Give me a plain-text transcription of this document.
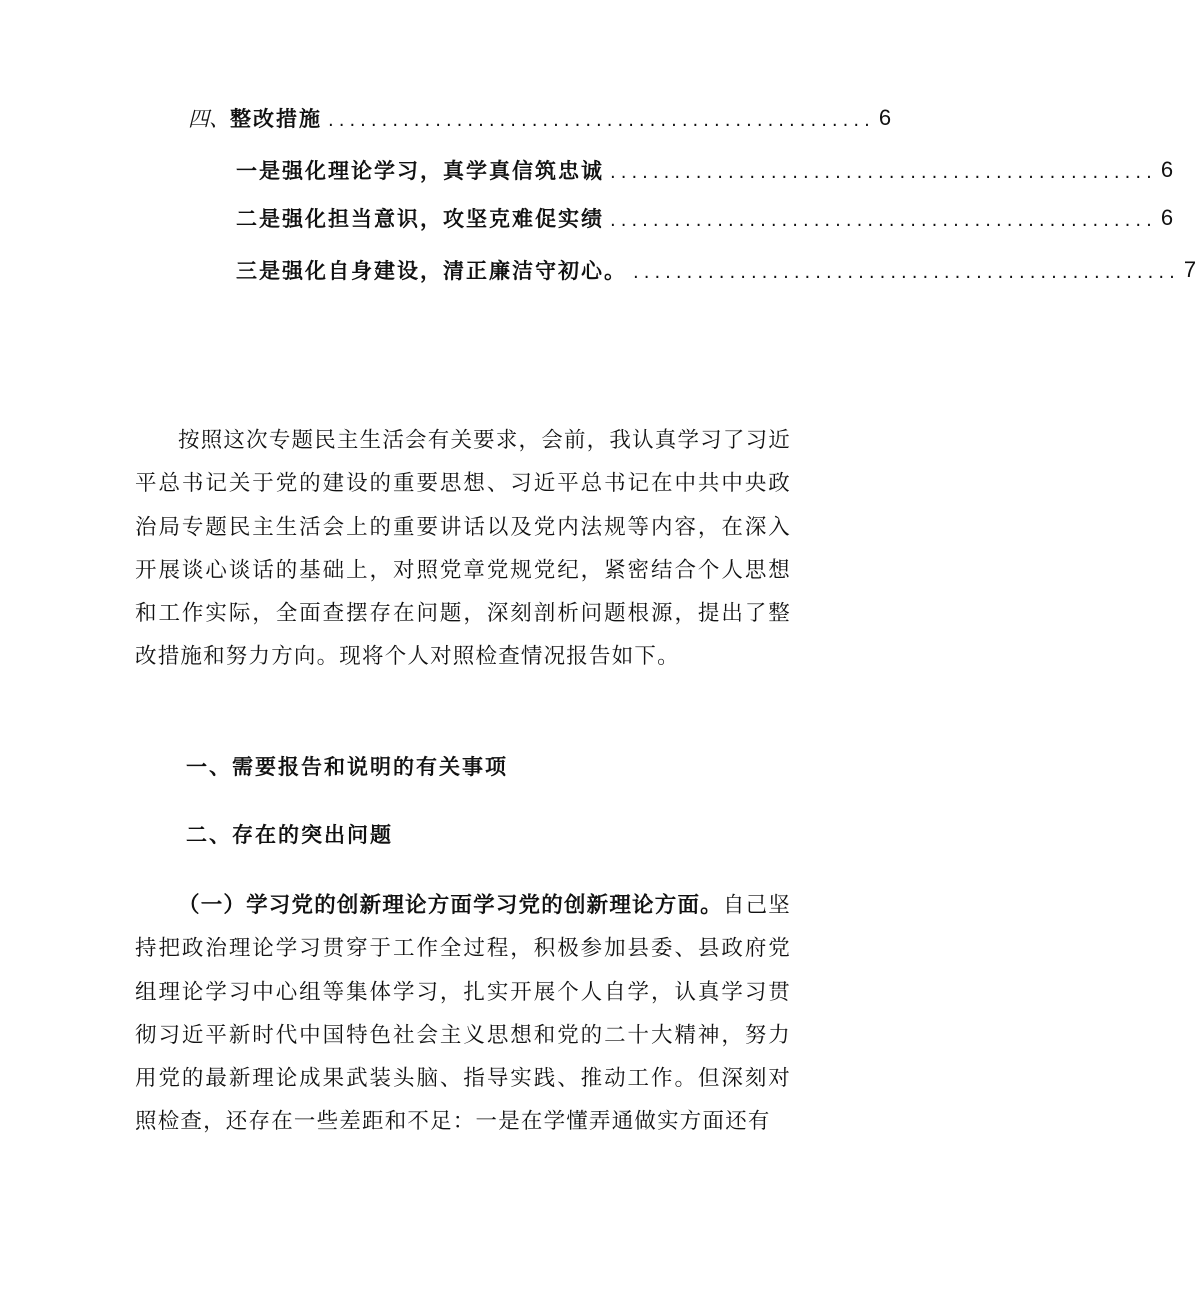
四、整改措施 ................................................... 6
一是强化理论学习，真学真信筑忠诚 ................................................... 6
二是强化担当意识，攻坚克难促实绩 ................................................... 6
三是强化自身建设，清正廉洁守初心。 ................................................... 7

按照这次专题民主生活会有关要求，会前，我认真学习了习近平总书记关于党的建设的重要思想、习近平总书记在中共中央政治局专题民主生活会上的重要讲话以及党内法规等内容，在深入开展谈心谈话的基础上，对照党章党规党纪，紧密结合个人思想和工作实际，全面查摆存在问题，深刻剖析问题根源，提出了整改措施和努力方向。现将个人对照检查情况报告如下。

一、需要报告和说明的有关事项
二、存在的突出问题

（一）学习党的创新理论方面学习党的创新理论方面。自己坚持把政治理论学习贯穿于工作全过程，积极参加县委、县政府党组理论学习中心组等集体学习，扎实开展个人自学，认真学习贯彻习近平新时代中国特色社会主义思想和党的二十大精神，努力用党的最新理论成果武装头脑、指导实践、推动工作。但深刻对照检查，还存在一些差距和不足：一是在学懂弄通做实方面还有
